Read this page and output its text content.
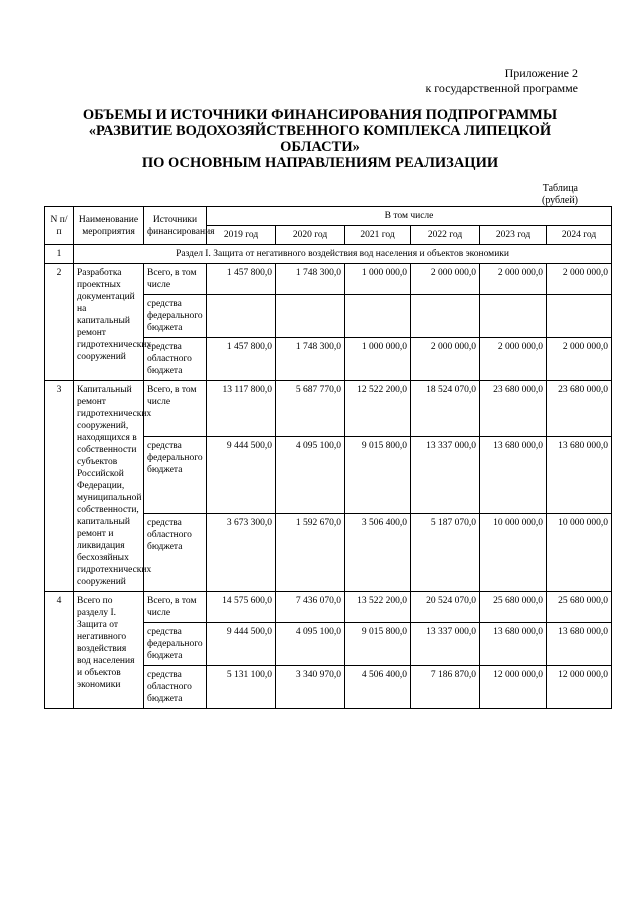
Приложение 2
к государственной программе
ОБЪЕМЫ И ИСТОЧНИКИ ФИНАНСИРОВАНИЯ ПОДПРОГРАММЫ
«РАЗВИТИЕ ВОДОХОЗЯЙСТВЕННОГО КОМПЛЕКСА ЛИПЕЦКОЙ
ОБЛАСТИ»
ПО ОСНОВНЫМ НАПРАВЛЕНИЯМ РЕАЛИЗАЦИИ
Таблица
(рублей)
N п/п	Наименование мероприятия	Источники финансирования	В том числе					
			2019 год	2020 год	2021 год	2022 год	2023 год	2024 год
1	Раздел I. Защита от негативного воздействия вод населения и объектов экономики							
2	Разработка проектных документаций на капитальный ремонт гидротехнических сооружений	Всего, в том числе	1 457 800,0	1 748 300,0	1 000 000,0	2 000 000,0	2 000 000,0	2 000 000,0
		средства федерального бюджета						
		средства областного бюджета	1 457 800,0	1 748 300,0	1 000 000,0	2 000 000,0	2 000 000,0	2 000 000,0
3	Капитальный ремонт гидротехнических сооружений, находящихся в собственности субъектов Российской Федерации, муниципальной собственности, капитальный ремонт и ликвидация бесхозяйных гидротехнических сооружений	Всего, в том числе	13 117 800,0	5 687 770,0	12 522 200,0	18 524 070,0	23 680 000,0	23 680 000,0
		средства федерального бюджета	9 444 500,0	4 095 100,0	9 015 800,0	13 337 000,0	13 680 000,0	13 680 000,0
		средства областного бюджета	3 673 300,0	1 592 670,0	3 506 400,0	5 187 070,0	10 000 000,0	10 000 000,0
4	Всего по разделу I. Защита от негативного воздействия вод населения и объектов экономики	Всего, в том числе	14 575 600,0	7 436 070,0	13 522 200,0	20 524 070,0	25 680 000,0	25 680 000,0
		средства федерального бюджета	9 444 500,0	4 095 100,0	9 015 800,0	13 337 000,0	13 680 000,0	13 680 000,0
		средства областного бюджета	5 131 100,0	3 340 970,0	4 506 400,0	7 186 870,0	12 000 000,0	12 000 000,0
